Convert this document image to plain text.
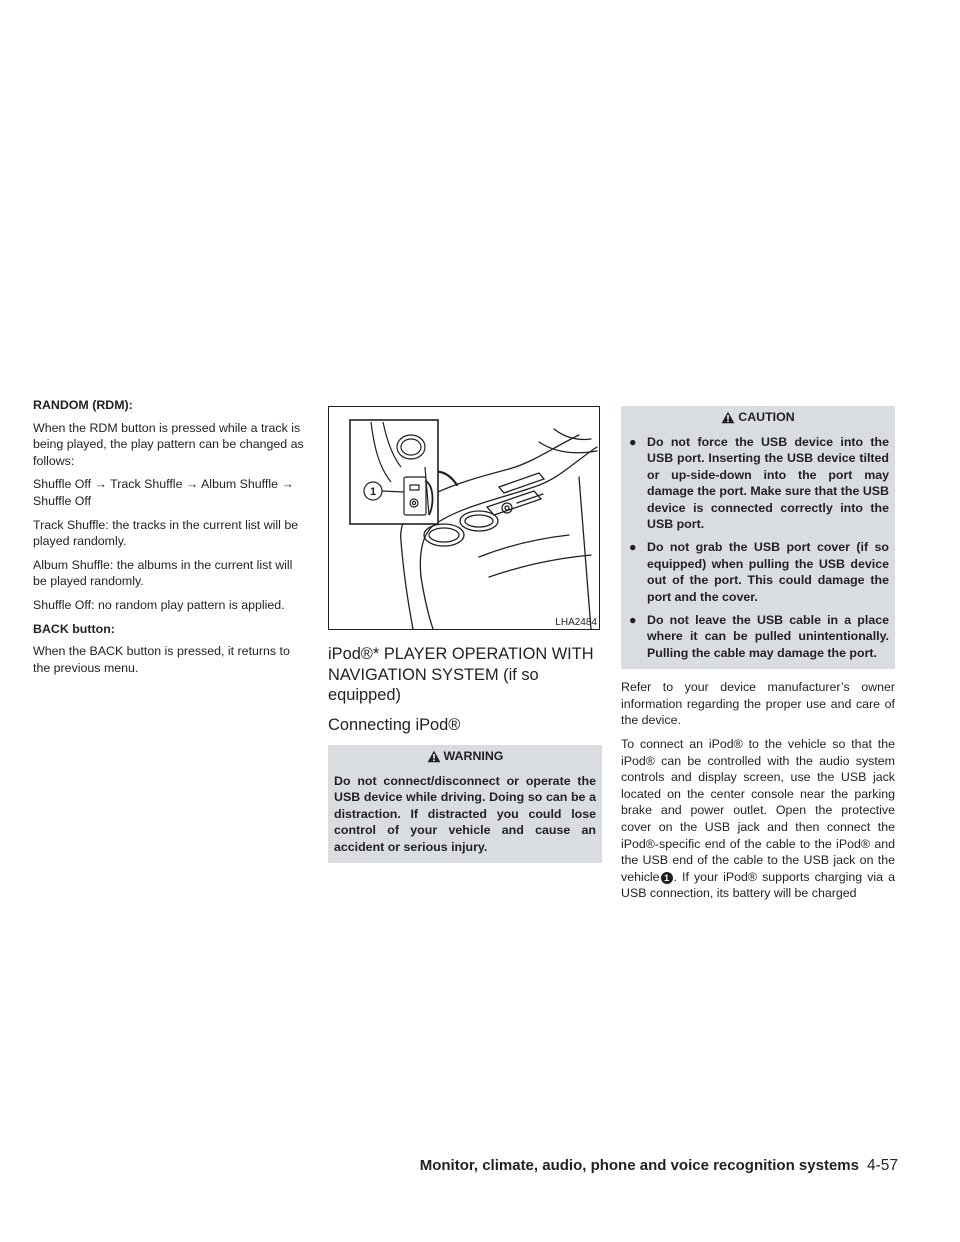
RANDOM (RDM):

When the RDM button is pressed while a track is being played, the play pattern can be changed as follows:

Shuffle Off → Track Shuffle → Album Shuffle → Shuffle Off

Track Shuffle: the tracks in the current list will be played randomly.

Album Shuffle: the albums in the current list will be played randomly.

Shuffle Off: no random play pattern is applied.

BACK button:

When the BACK button is pressed, it returns to the previous menu.

1
LHA2484
iPod®* PLAYER OPERATION WITH NAVIGATION SYSTEM (if so equipped)
Connecting iPod®
WARNING
Do not connect/disconnect or operate the USB device while driving. Doing so can be a distraction. If distracted you could lose control of your vehicle and cause an accident or serious injury.
CAUTION
● Do not force the USB device into the USB port. Inserting the USB device tilted or up-side-down into the port may damage the port. Make sure that the USB device is connected correctly into the USB port.
● Do not grab the USB port cover (if so equipped) when pulling the USB device out of the port. This could damage the port and the cover.
● Do not leave the USB cable in a place where it can be pulled unintentionally. Pulling the cable may damage the port.

Refer to your device manufacturer’s owner information regarding the proper use and care of the device.

To connect an iPod® to the vehicle so that the iPod® can be controlled with the audio system controls and display screen, use the USB jack located on the center console near the parking brake and power outlet. Open the protective cover on the USB jack and then connect the iPod®-specific end of the cable to the iPod® and the USB end of the cable to the USB jack on the vehicle 1 . If your iPod® supports charging via a USB connection, its battery will be charged

Monitor, climate, audio, phone and voice recognition systems 4-57
